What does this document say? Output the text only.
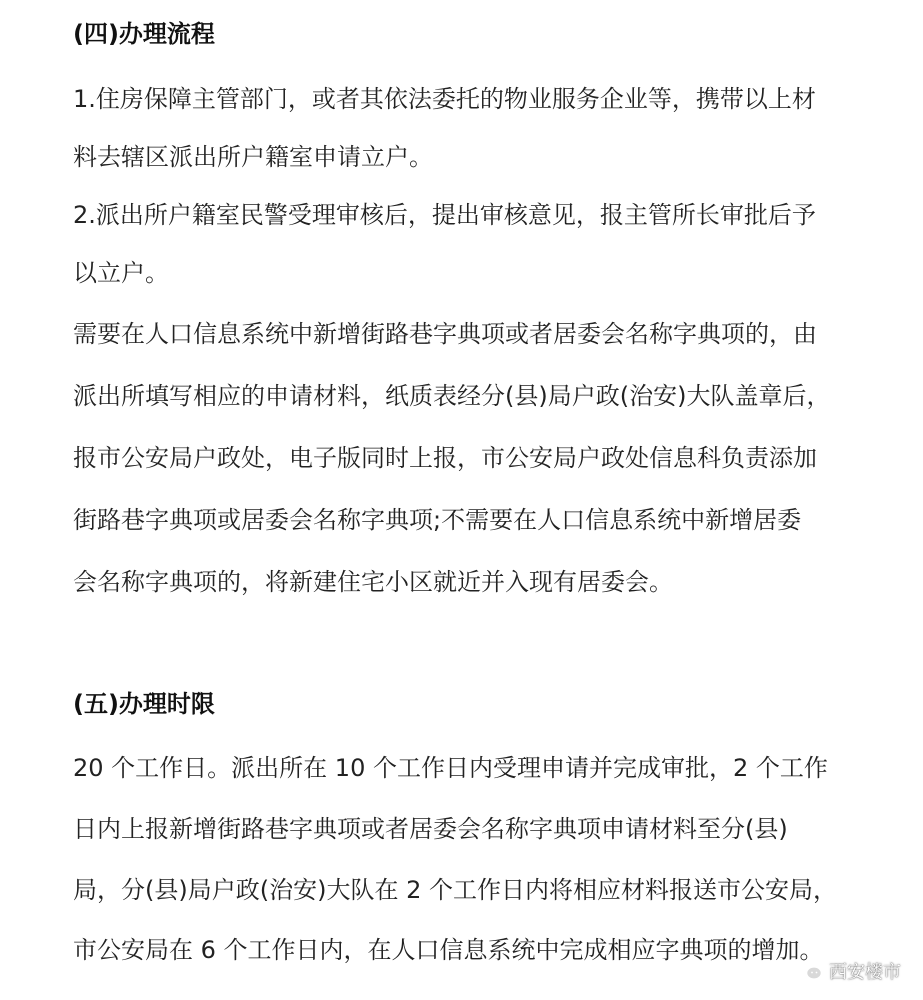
(四)办理流程

1.住房保障主管部门，或者其依法委托的物业服务企业等，携带以上材

料去辖区派出所户籍室申请立户。

2.派出所户籍室民警受理审核后，提出审核意见，报主管所长审批后予

以立户。

需要在人口信息系统中新增街路巷字典项或者居委会名称字典项的，由

派出所填写相应的申请材料，纸质表经分(县)局户政(治安)大队盖章后，

报市公安局户政处，电子版同时上报，市公安局户政处信息科负责添加

街路巷字典项或居委会名称字典项;不需要在人口信息系统中新增居委

会名称字典项的，将新建住宅小区就近并入现有居委会。

(五)办理时限

20 个工作日。派出所在 10 个工作日内受理申请并完成审批，2 个工作

日内上报新增街路巷字典项或者居委会名称字典项申请材料至分(县)

局，分(县)局户政(治安)大队在 2 个工作日内将相应材料报送市公安局，

市公安局在 6 个工作日内，在人口信息系统中完成相应字典项的增加。

西安楼市
